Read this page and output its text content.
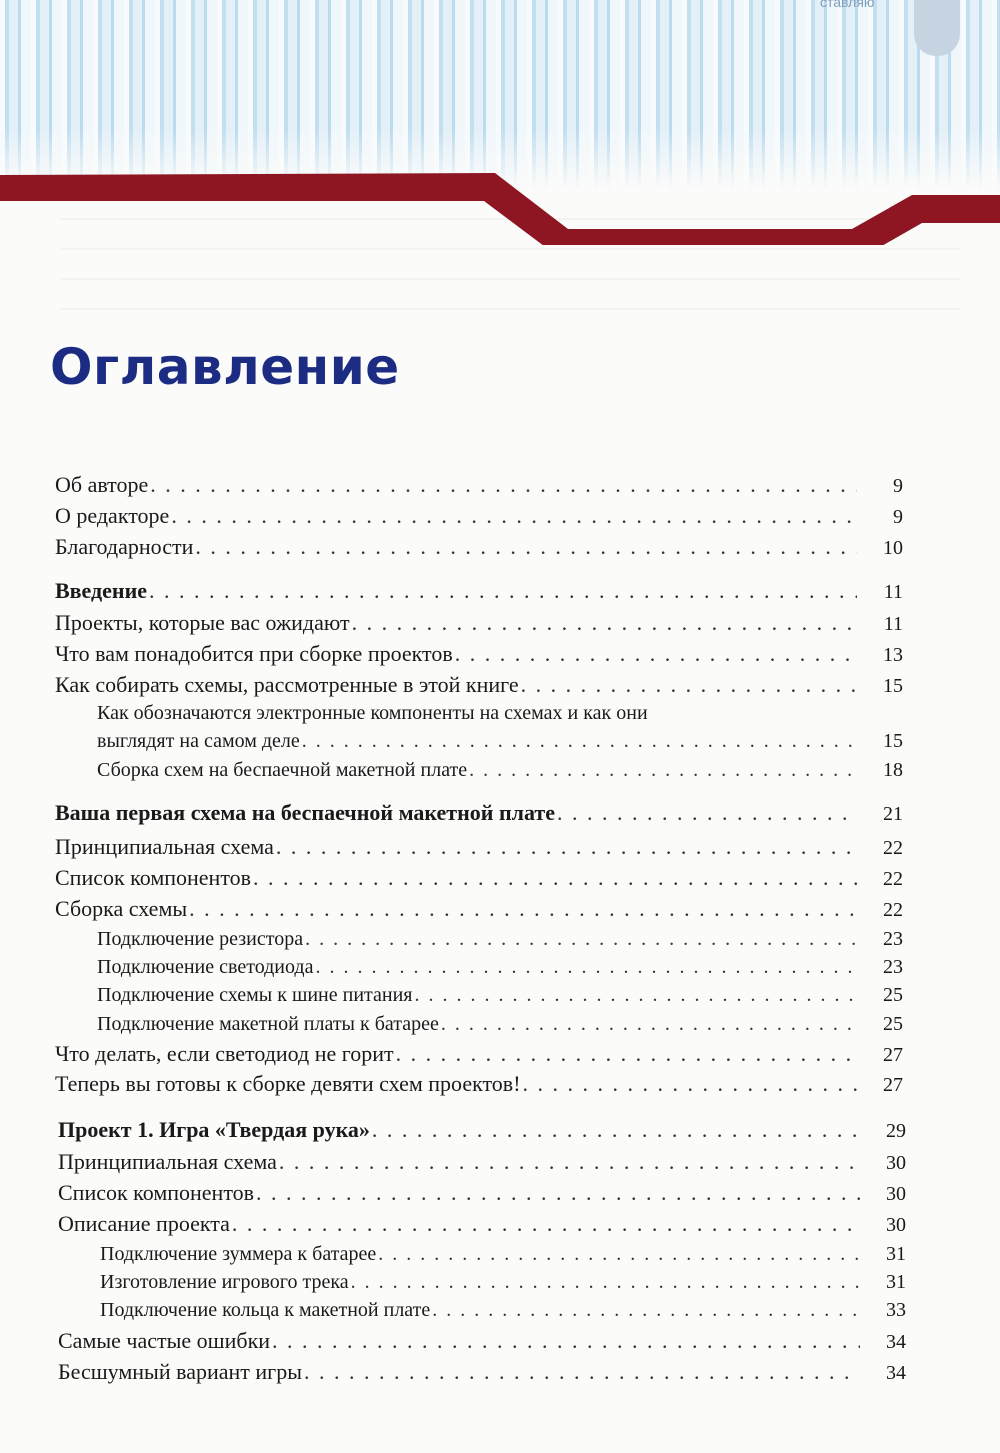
ставляю
Оглавление
Об авторе . . .	9
О редакторе . . .	9
Благодарности . . .	10
Введение . . .	11
Проекты, которые вас ожидают . . .	11
Что вам понадобится при сборке проектов . . .	13
Как собирать схемы, рассмотренные в этой книге . . .	15
Как обозначаются электронные компоненты на схемах и как они
выглядят на самом деле . . .	15
Сборка схем на беспаечной макетной плате . . .	18
Ваша первая схема на беспаечной макетной плате . . .	21
Принципиальная схема . . .	22
Список компонентов . . .	22
Сборка схемы . . .	22
Подключение резистора . . .	23
Подключение светодиода . . .	23
Подключение схемы к шине питания . . .	25
Подключение макетной платы к батарее . . .	25
Что делать, если светодиод не горит . . .	27
Теперь вы готовы к сборке девяти схем проектов! . . .	27
Проект 1. Игра «Твердая рука» . . .	29
Принципиальная схема . . .	30
Список компонентов . . .	30
Описание проекта . . .	30
Подключение зуммера к батарее . . .	31
Изготовление игрового трека . . .	31
Подключение кольца к макетной плате . . .	33
Самые частые ошибки . . .	34
Бесшумный вариант игры . . .	34
